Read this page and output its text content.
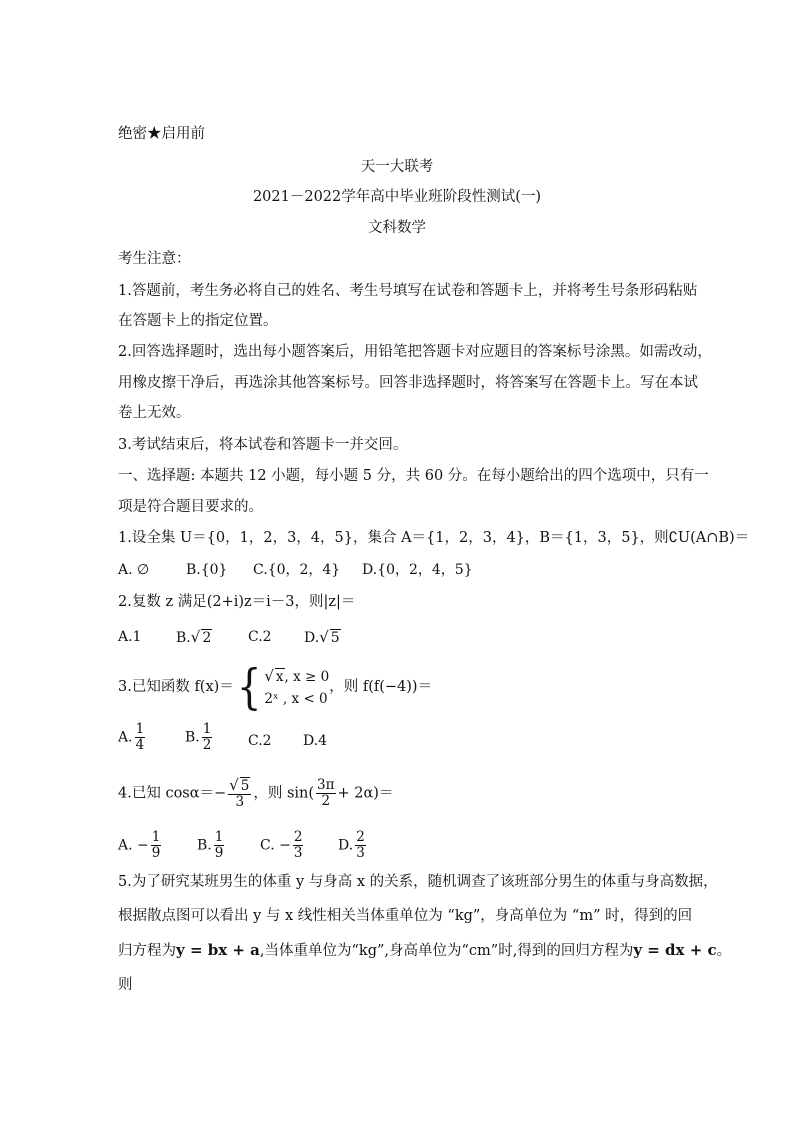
绝密★启用前
天一大联考
2021－2022学年高中毕业班阶段性测试(一)
文科数学
考生注意：
1.答题前，考生务必将自己的姓名、考生号填写在试卷和答题卡上，并将考生号条形码粘贴
在答题卡上的指定位置。
2.回答选择题时，选出每小题答案后，用铅笔把答题卡对应题目的答案标号涂黑。如需改动，
用橡皮擦干净后，再选涂其他答案标号。回答非选择题时，将答案写在答题卡上。写在本试
卷上无效。
3.考试结束后，将本试卷和答题卡一并交回。
一、选择题: 本题共 12 小题，每小题 5 分，共 60 分。在每小题给出的四个选项中，只有一
项是符合题目要求的。
1.设全集 U＝{0，1，2，3，4，5}，集合 A＝{1，2，3，4}，B＝{1，3，5}，则∁U(A∩B)＝
A. ∅	B.{0} C.{0，2，4} D.{0，2，4，5}
2.复数 z 满足(2+i)z＝i－3，则|z|＝
A.1 B.√ 2	C.2 D.√ 5
3.已知函数 f(x)＝{ √ x, x ≥ 0
2ˣ , x < 0
，则 f(f(−4))＝
A. $\frac{1}{4}$	B. $\frac{1}{2}$	C.2 D.4
4.已知 $\cos\alpha=- \frac{√ 5}{3}$ ，则 $\sin( \frac{3\pi}{2} + 2\alpha)=$
A. − $\frac{1}{9}$	B. $\frac{1}{9}$	C. − $\frac{2}{3} D$. $\frac{2}{3}$
5.为了研究某班男生的体重 y 与身高 x 的关系，随机调查了该班部分男生的体重与身高数据，
根据散点图可以看出 y 与 x 线性相关当体重单位为 “kg”，身高单位为 “m” 时，得到的回
归方程为y = bx + a,当体重单位为“kg”,身高单位为“cm”时,得到的回归方程为y = dx + c。
则
